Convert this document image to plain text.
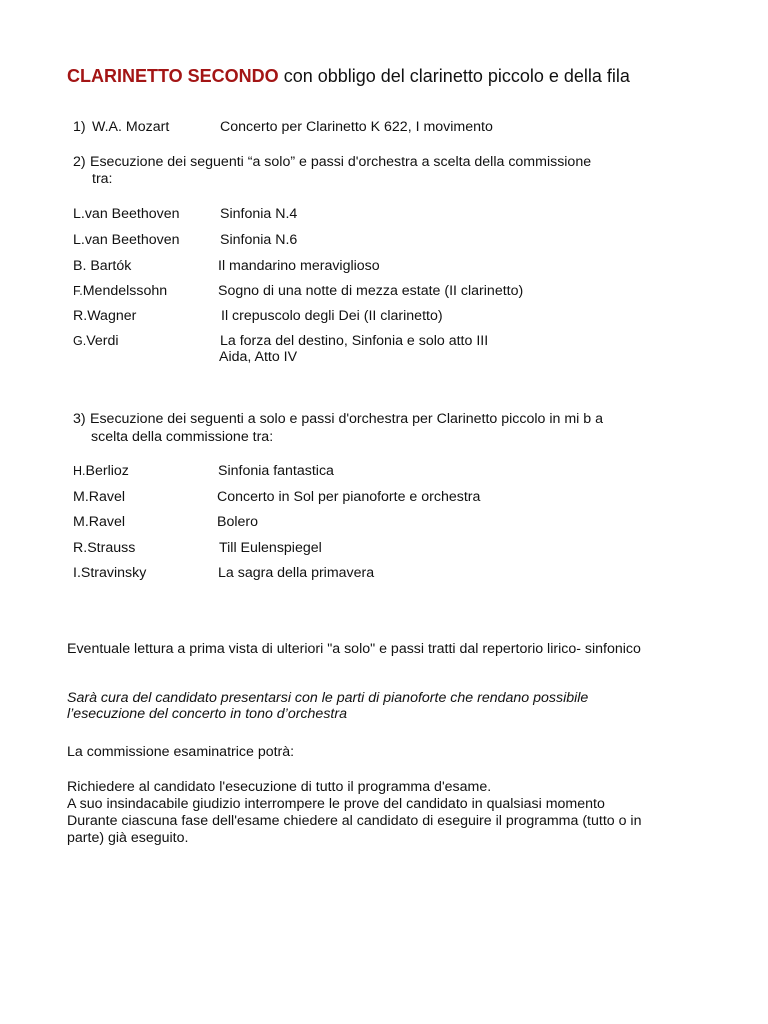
CLARINETTO SECONDO con obbligo del clarinetto piccolo e della fila
1) W.A. Mozart	Concerto per Clarinetto K 622, I movimento
2) Esecuzione dei seguenti “a solo” e passi d'orchestra a scelta della commissione
tra:
L.van Beethoven	Sinfonia N.4
L.van Beethoven	Sinfonia N.6
B. Bartók	Il mandarino meraviglioso
F.Mendelssohn	Sogno di una notte di mezza estate (II clarinetto)
R.Wagner	Il crepuscolo degli Dei (II clarinetto)
G.Verdi	La forza del destino, Sinfonia e solo atto III
Aida, Atto IV
3) Esecuzione dei seguenti a solo e passi d'orchestra per Clarinetto piccolo in mi b a
scelta della commissione tra:
H.Berlioz	Sinfonia fantastica
M.Ravel	Concerto in Sol per pianoforte e orchestra
M.Ravel	Bolero
R.Strauss	Till Eulenspiegel
I.Stravinsky	La sagra della primavera
Eventuale lettura a prima vista di ulteriori "a solo" e passi tratti dal repertorio lirico- sinfonico
Sarà cura del candidato presentarsi con le parti di pianoforte che rendano possibile
l’esecuzione del concerto in tono d’orchestra
La commissione esaminatrice potrà:
Richiedere al candidato l'esecuzione di tutto il programma d'esame.
A suo insindacabile giudizio interrompere le prove del candidato in qualsiasi momento
Durante ciascuna fase dell'esame chiedere al candidato di eseguire il programma (tutto o in
parte) già eseguito.
